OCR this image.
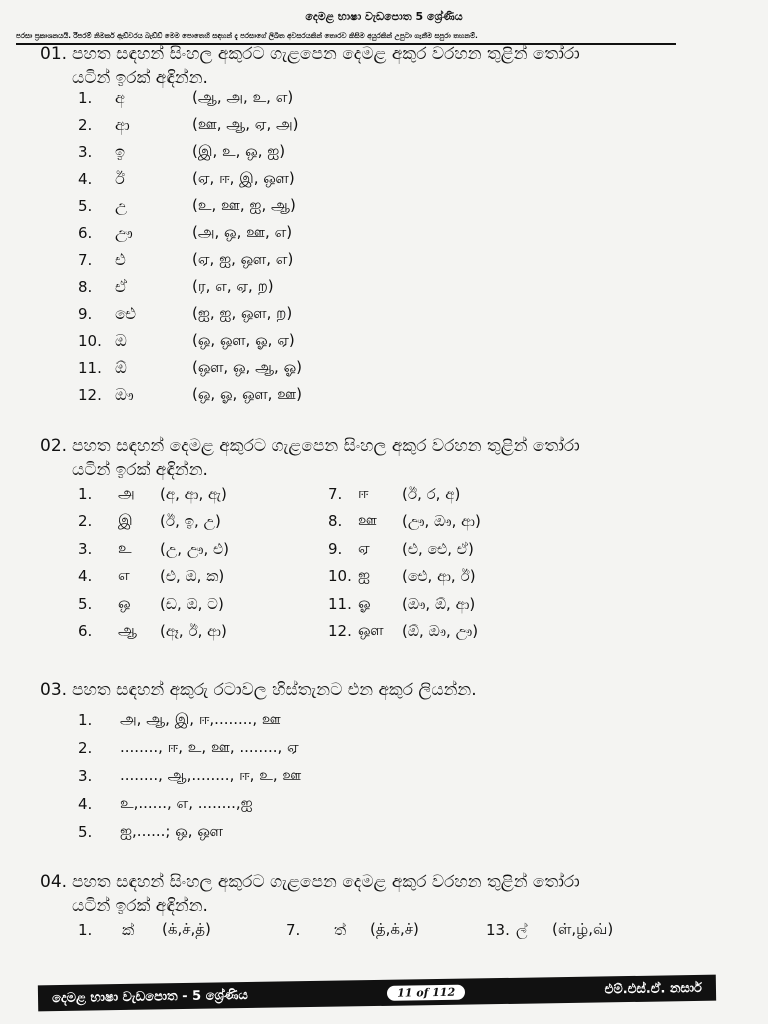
දෙමළ භාෂා වැඩපොත 5 ශ්‍රේණිය
පරසා ප්‍රකාශනයයි. රීපරම් නිමකර් ඇඩ්වරය බැඩ්ඩ් මෙම පොතෙහි සඳහන් දැ පරසාගේ ලිඛිත අවසරයකින් තොරව කිසිම අයුරකින් උපුටා ගැනීම සපුරා තහනම්.
01. පහත සඳහන් සිංහල අකුරට ගැළපෙන දෙමළ අකුර වරහන තුළින් තෝරා
යටින් ඉරක් අඳින්න.
1.	අ	(ஆ, அ, உ, எ)
2.	ආ	(ஊ, ஆ, ஏ, அ)
3.	ඉ	(இ, உ, ஒ, ஐ)
4.	ඊ	(ஏ, ஈ, இ, ஔ)
5.	උ	(உ, ஊ, ஐ, ஆ)
6.	ඌ	(அ, ஒ, ஊ, எ)
7.	එ	(ஏ, ஐ, ஔ, எ)
8.	ඒ	(ர, எ, ஏ, ற)
9.	ඓ	(ஐ, ஐ, ஔ, ற)
10. ඔ	(ஒ, ஔ, ஓ, ஏ)
11. ඕ	(ஔ, ஒ, ஆ, ஓ)
12. ඖ	(ஒ, ஓ, ஔ, ஊ)
02. පහත සඳහන් දෙමළ අකුරට ගැළපෙන සිංහල අකුර වරහන තුළින් තෝරා
යටින් ඉරක් අඳින්න.
1.	அ	(අ, ආ, ඇ)	7.	ஈ	(ඊ, ර, අ)
2.	இ	(ඊ, ඉ, උ)	8.	ஊ	(ඌ, ඖ, ආ)
3.	உ	(උ, ඌ, එ)	9.	ஏ	(එ, ඓ, ඒ)
4.	எ	(එ, ඔ, ක)	10. ஐ	(ඓ, ආ, ඊ)
5.	ஒ	(ඩ, ඔ, ට)	11. ஓ	(ඖ, ඕ, ආ)
6.	ஆ	(ඈ, ඊ, ආ)	12. ஔ	(ඕ, ඖ, ඌ)
03. පහත සඳහන් අකුරු රටාවල හිස්තැනට එන අකුර ලියන්න.
1.	அ, ஆ, இ, ஈ,........, ஊ
2.	........, ஈ, உ, ஊ, ........, ஏ
3.	........, ஆ,........, ஈ, உ, ஊ
4.	உ,......, எ, ........,ஐ
5.	ஐ,......; ஒ, ஔ
04. පහත සඳහන් සිංහල අකුරට ගැළපෙන දෙමළ අකුර වරහන තුළින් තෝරා
යටින් ඉරක් අඳින්න.
1.	ක්	(க்,ச்,த்)	7.	ත්	(த்,க்,ச்)	13. ල්	(ள்,ழ்,வ்)
දෙමළ භාෂා වැඩපොත - 5 ශ්‍රේණිය	11 of 112	එම්.එස්.ඒ. නසාර්
